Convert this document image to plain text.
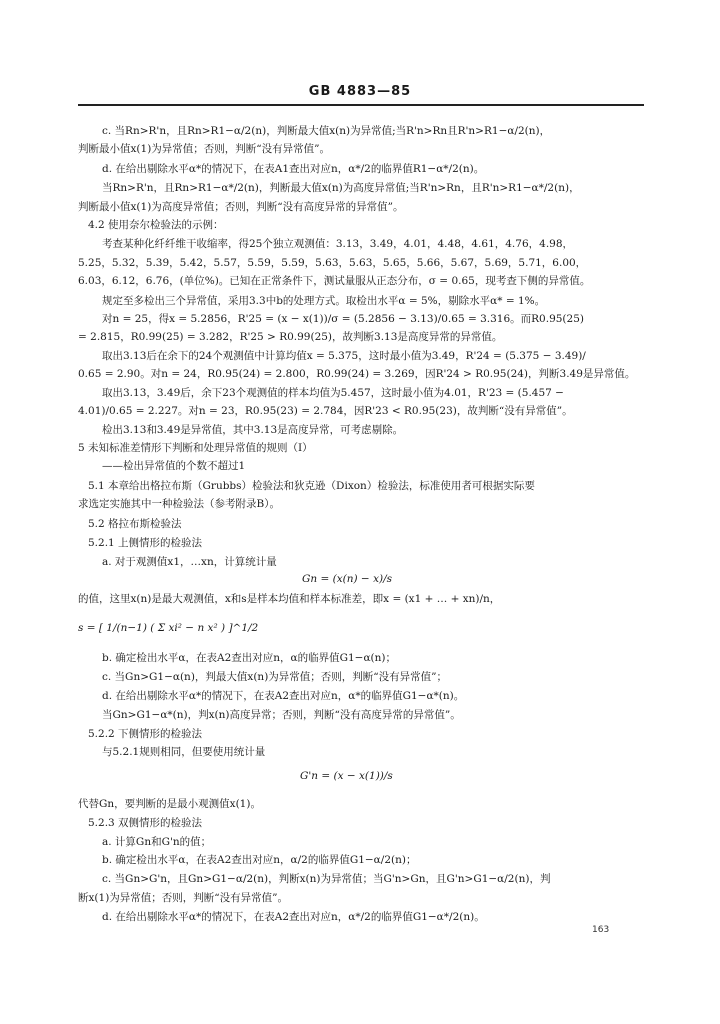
GB 4883—85
c. 当Rn>R'n，且Rn>R1−α/2(n)，判断最大值x(n)为异常值;当R'n>Rn且R'n>R1−α/2(n)，
判断最小值x(1)为异常值；否则，判断“没有异常值”。
d. 在给出剔除水平α*的情况下，在表A1查出对应n，α*/2的临界值R1−α*/2(n)。
当Rn>R'n，且Rn>R1−α*/2(n)，判断最大值x(n)为高度异常值;当R'n>Rn，且R'n>R1−α*/2(n)，
判断最小值x(1)为高度异常值；否则，判断“没有高度异常的异常值”。
4.2 使用奈尔检验法的示例：
考查某种化纤纤维干收缩率，得25个独立观测值：3.13，3.49，4.01，4.48，4.61，4.76，4.98，
5.25，5.32，5.39，5.42，5.57，5.59，5.59，5.63，5.63，5.65，5.66，5.67，5.69，5.71，6.00，
6.03，6.12，6.76，(单位%)。已知在正常条件下，测试量服从正态分布，σ = 0.65，现考查下侧的异常值。
规定至多检出三个异常值，采用3.3中b的处理方式。取检出水平α = 5%，剔除水平α* = 1%。
对n = 25，得x = 5.2856，R'25 = (x − x(1))/σ = (5.2856 − 3.13)/0.65 = 3.316。而R0.95(25)
= 2.815，R0.99(25) = 3.282，R'25 > R0.99(25)，故判断3.13是高度异常的异常值。
取出3.13后在余下的24个观测值中计算均值x = 5.375，这时最小值为3.49，R'24 = (5.375 − 3.49)/
0.65 = 2.90。对n = 24，R0.95(24) = 2.800，R0.99(24) = 3.269，因R'24 > R0.95(24)，判断3.49是异常值。
取出3.13，3.49后，余下23个观测值的样本均值为5.457，这时最小值为4.01，R'23 = (5.457 −
4.01)/0.65 = 2.227。对n = 23，R0.95(23) = 2.784，因R'23 < R0.95(23)，故判断“没有异常值”。
检出3.13和3.49是异常值，其中3.13是高度异常，可考虑剔除。
5 未知标准差情形下判断和处理异常值的规则（Ⅰ）
——检出异常值的个数不超过1
5.1 本章给出格拉布斯（Grubbs）检验法和狄克逊（Dixon）检验法，标准使用者可根据实际要
求选定实施其中一种检验法（参考附录B）。
5.2 格拉布斯检验法
5.2.1 上侧情形的检验法
a. 对于观测值x1，…xn，计算统计量
Gn = (x(n) − x)/s
的值，这里x(n)是最大观测值，x和s是样本均值和样本标准差，即x = (x1 + … + xn)/n，
s = [ 1/(n−1) ( Σ xi² − n x² ) ]^1/2
b. 确定检出水平α，在表A2查出对应n，α的临界值G1−α(n)；
c. 当Gn>G1−α(n)，判最大值x(n)为异常值；否则，判断“没有异常值”；
d. 在给出剔除水平α*的情况下，在表A2查出对应n，α*的临界值G1−α*(n)。
当Gn>G1−α*(n)，判x(n)高度异常；否则，判断“没有高度异常的异常值”。
5.2.2 下侧情形的检验法
与5.2.1规则相同，但要使用统计量
G'n = (x − x(1))/s
代替Gn，要判断的是最小观测值x(1)。
5.2.3 双侧情形的检验法
a. 计算Gn和G'n的值；
b. 确定检出水平α，在表A2查出对应n，α/2的临界值G1−α/2(n)；
c. 当Gn>G'n，且Gn>G1−α/2(n)，判断x(n)为异常值；当G'n>Gn，且G'n>G1−α/2(n)，判
断x(1)为异常值；否则，判断“没有异常值”。
d. 在给出剔除水平α*的情况下，在表A2查出对应n，α*/2的临界值G1−α*/2(n)。
163
